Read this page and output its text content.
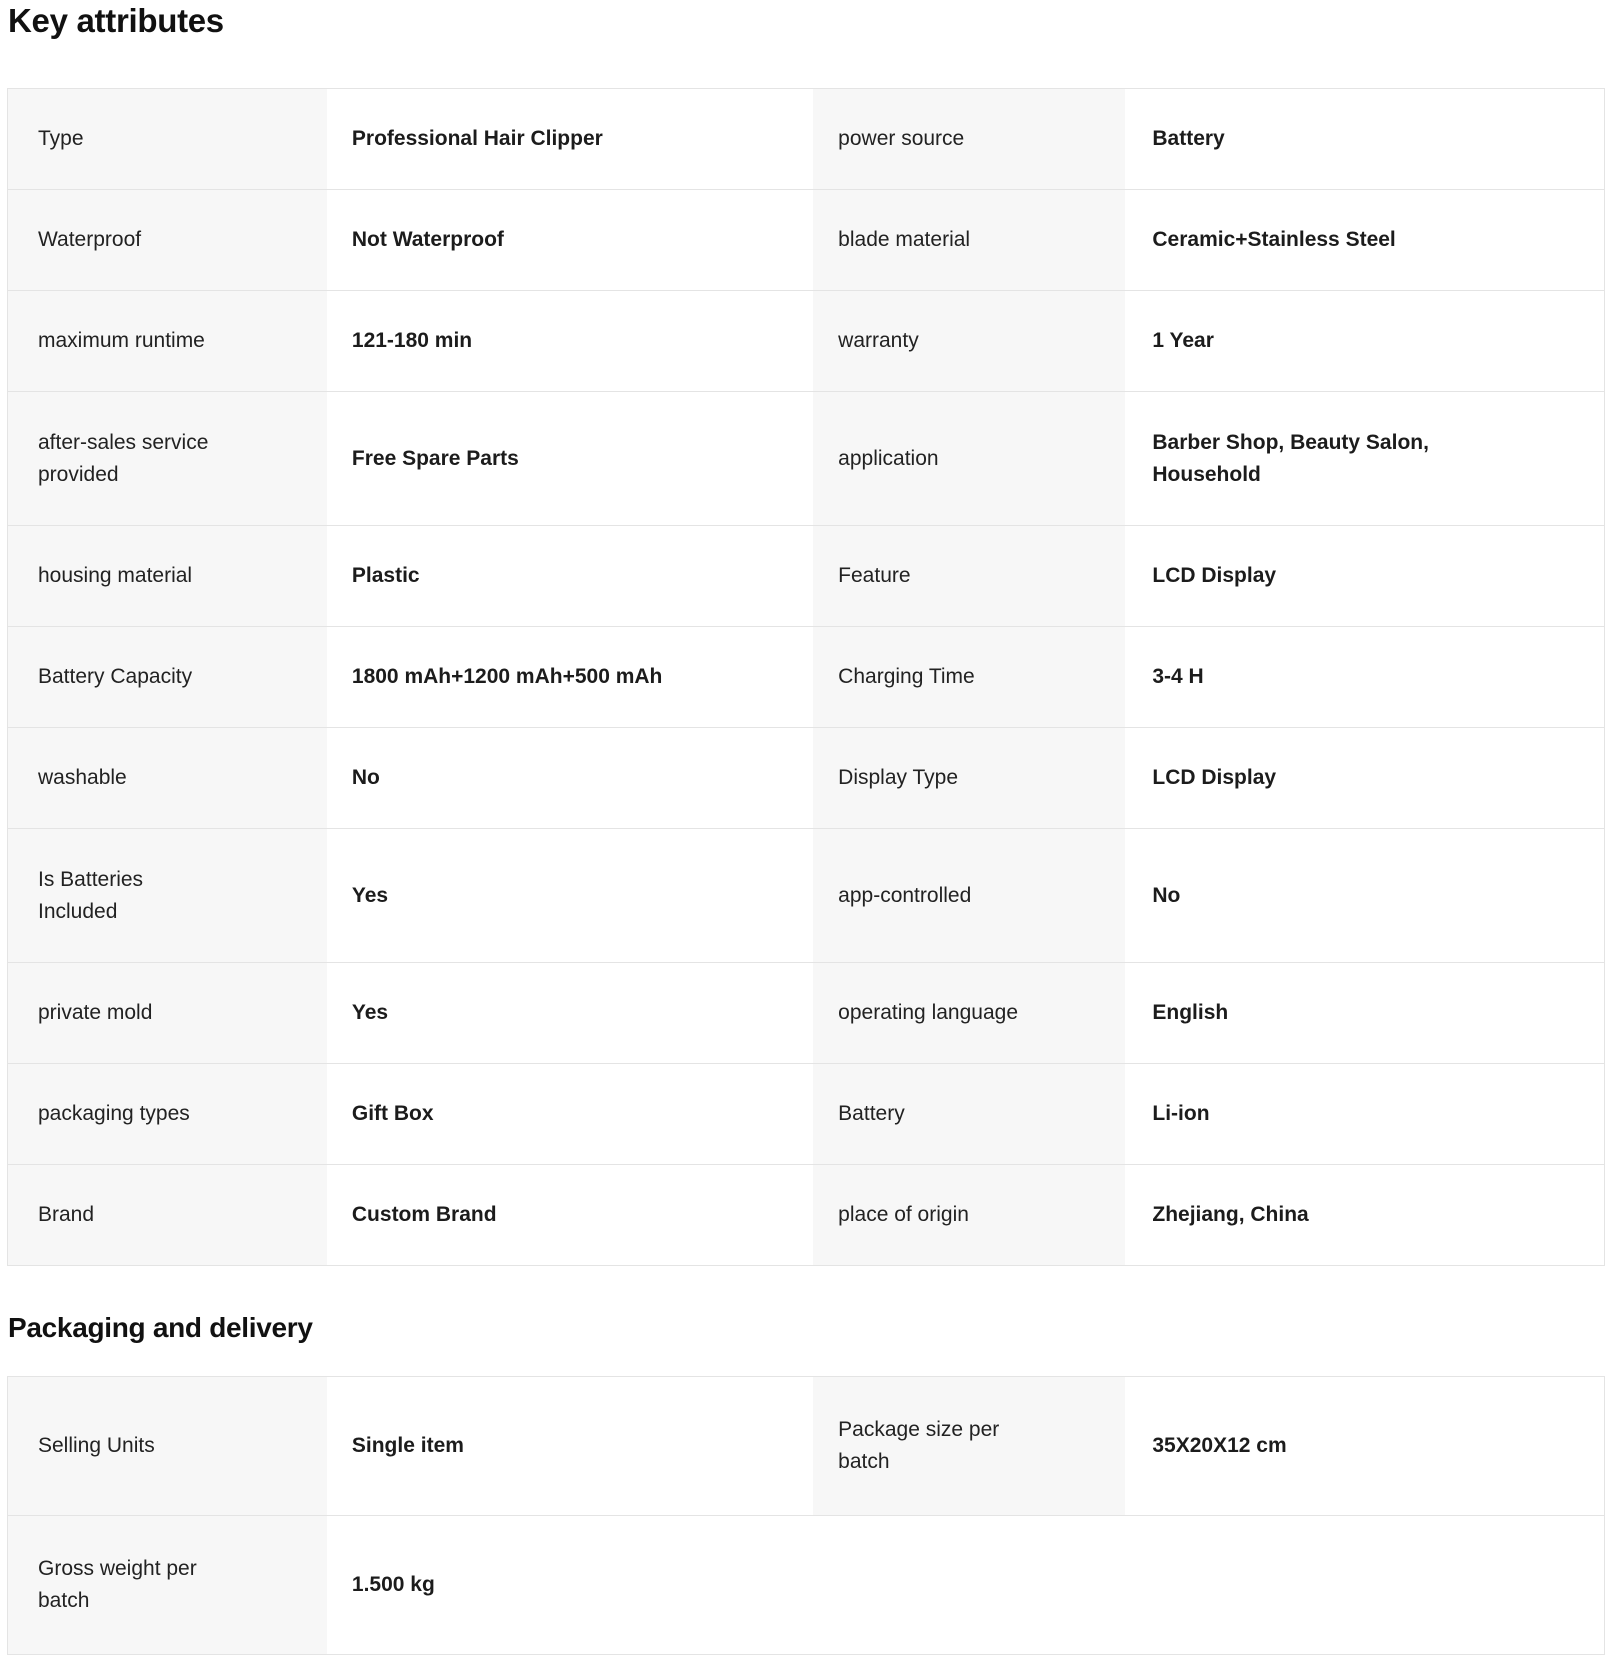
Key attributes
Type	Professional Hair Clipper	power source	Battery
Waterproof	Not Waterproof	blade material	Ceramic+Stainless Steel
maximum runtime	121-180 min	warranty	1 Year
after-sales service provided	Free Spare Parts	application	Barber Shop, Beauty Salon, Household
housing material	Plastic	Feature	LCD Display
Battery Capacity	1800 mAh+1200 mAh+500 mAh	Charging Time	3-4 H
washable	No	Display Type	LCD Display
Is Batteries Included	Yes	app-controlled	No
private mold	Yes	operating language	English
packaging types	Gift Box	Battery	Li-ion
Brand	Custom Brand	place of origin	Zhejiang, China
Packaging and delivery
Selling Units	Single item	Package size per batch	35X20X12 cm
Gross weight per batch	1.500 kg		
